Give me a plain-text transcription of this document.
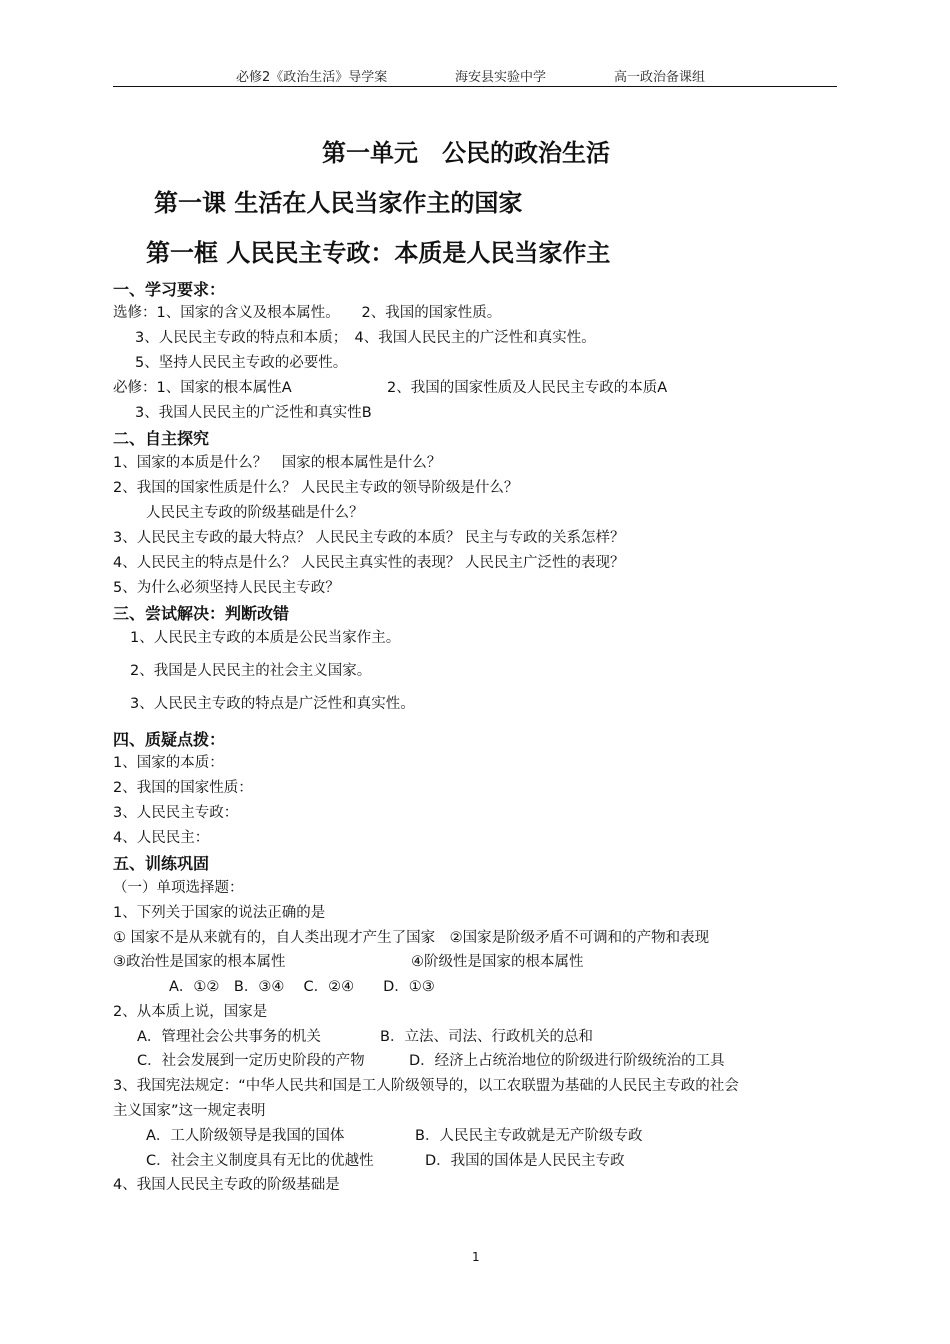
必修2《政治生活》导学案	海安县实验中学	高一政治备课组
第一单元　公民的政治生活
第一课 生活在人民当家作主的国家
第一框 人民民主专政：本质是人民当家作主
一、学习要求：
选修：1、国家的含义及根本属性。　　2、我国的国家性质。
3、人民民主专政的特点和本质；　4、我国人民民主的广泛性和真实性。
5、坚持人民民主专政的必要性。
必修：1、国家的根本属性A	2、我国的国家性质及人民民主专政的本质A
3、我国人民民主的广泛性和真实性B
二、自主探究
1、国家的本质是什么？　国家的根本属性是什么？
2、我国的国家性质是什么？ 人民民主专政的领导阶级是什么？
人民民主专政的阶级基础是什么？
3、人民民主专政的最大特点？ 人民民主专政的本质？ 民主与专政的关系怎样？
4、人民民主的特点是什么？ 人民民主真实性的表现？ 人民民主广泛性的表现？
5、为什么必须坚持人民民主专政？
三、尝试解决：判断改错
1、人民民主专政的本质是公民当家作主。
2、我国是人民民主的社会主义国家。
3、人民民主专政的特点是广泛性和真实性。
四、质疑点拨：
1、国家的本质：
2、我国的国家性质：
3、人民民主专政：
4、人民民主：
五、训练巩固
（一）单项选择题：
1、下列关于国家的说法正确的是
① 国家不是从来就有的，自人类出现才产生了国家　②国家是阶级矛盾不可调和的产物和表现
③政治性是国家的根本属性	④阶级性是国家的根本属性
A．①②　B．③④　 C．②④　　D．①③
2、从本质上说，国家是
A．管理社会公共事务的机关	B．立法、司法、行政机关的总和
C．社会发展到一定历史阶段的产物	D．经济上占统治地位的阶级进行阶级统治的工具
3、我国宪法规定：“中华人民共和国是工人阶级领导的，以工农联盟为基础的人民民主专政的社会
主义国家”这一规定表明
A．工人阶级领导是我国的国体	B．人民民主专政就是无产阶级专政
C．社会主义制度具有无比的优越性	D．我国的国体是人民民主专政
4、我国人民民主专政的阶级基础是
1
